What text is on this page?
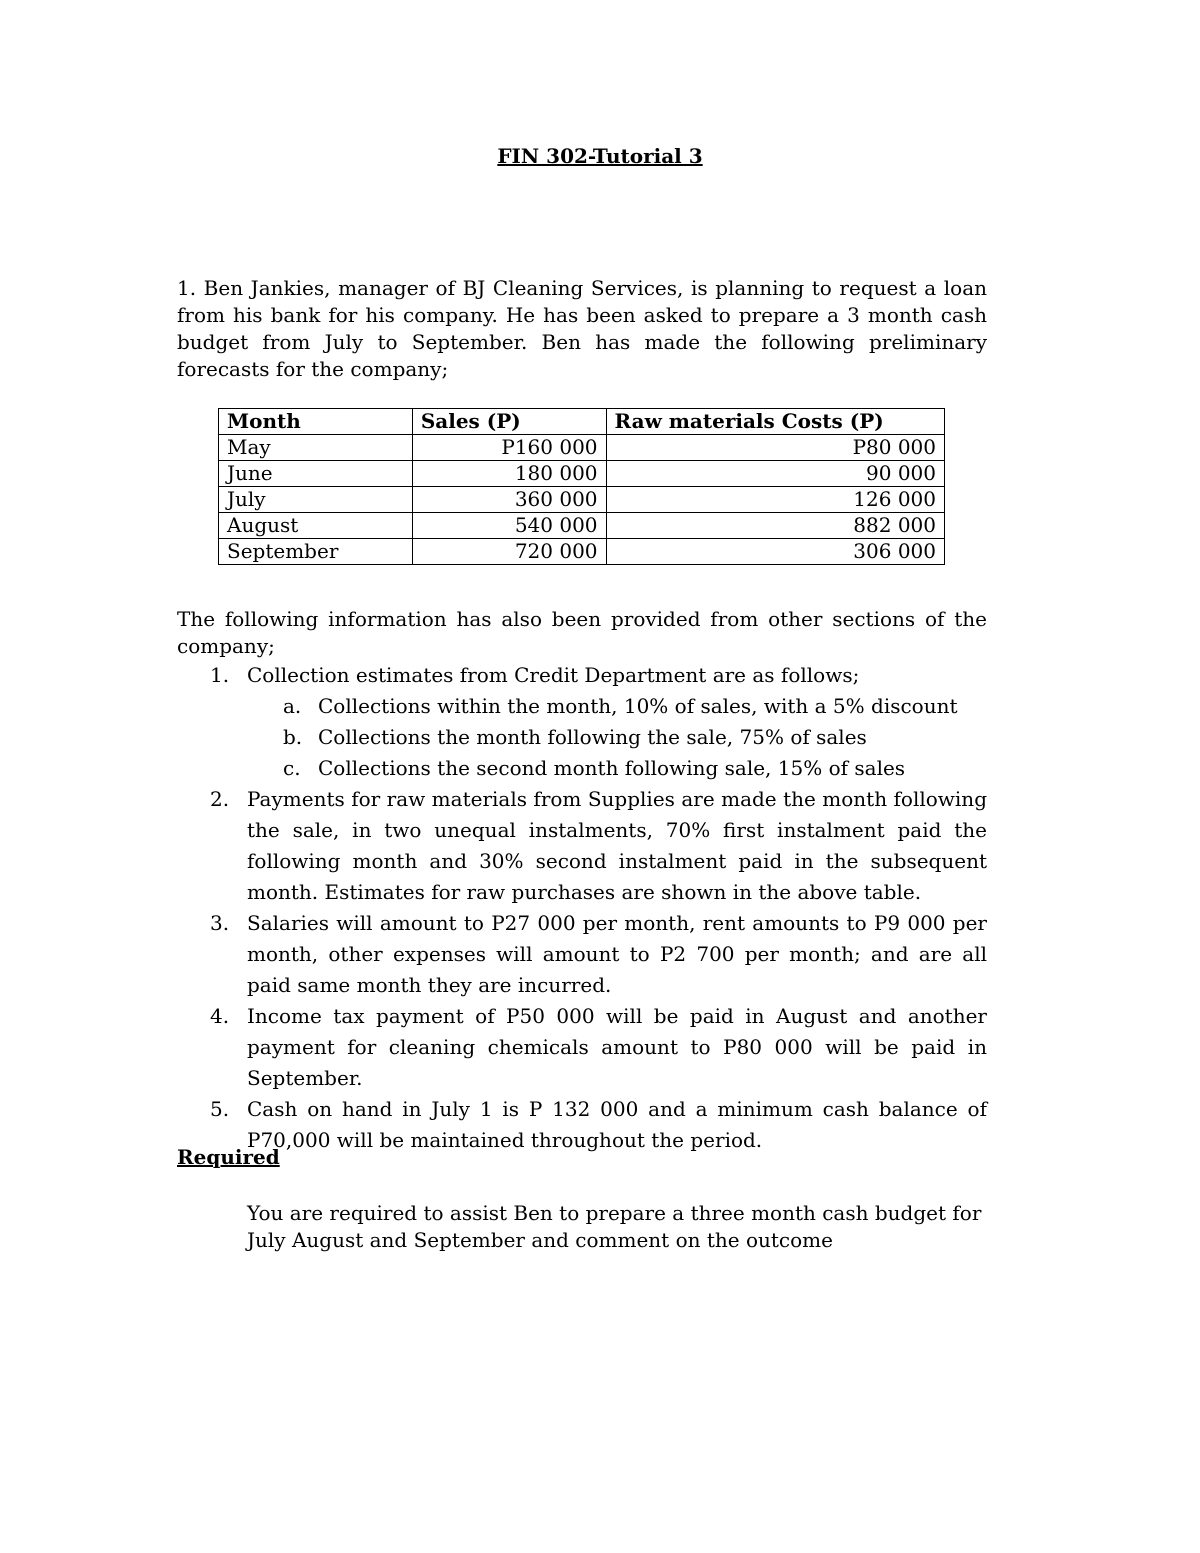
FIN 302-Tutorial 3

1. Ben Jankies, manager of BJ Cleaning Services, is planning to request a loan from his bank for his company. He has been asked to prepare a 3 month cash budget from July to September. Ben has made the following preliminary forecasts for the company;

Month	Sales (P)	Raw materials Costs (P)
May	P160 000	P80 000
June	180 000	90 000
July	360 000	126 000
August	540 000	882 000
September	720 000	306 000

The following information has also been provided from other sections of the company;

1. Collection estimates from Credit Department are as follows;
a. Collections within the month, 10% of sales, with a 5% discount
b. Collections the month following the sale, 75% of sales
c. Collections the second month following sale, 15% of sales
2. Payments for raw materials from Supplies are made the month following the sale, in two unequal instalments, 70% first instalment paid the following month and 30% second instalment paid in the subsequent month. Estimates for raw purchases are shown in the above table.
3. Salaries will amount to P27 000 per month, rent amounts to P9 000 per month, other expenses will amount to P2 700 per month; and are all paid same month they are incurred.
4. Income tax payment of P50 000 will be paid in August and another payment for cleaning chemicals amount to P80 000 will be paid in September.
5. Cash on hand in July 1 is P 132 000 and a minimum cash balance of P70,000 will be maintained throughout the period.
Required

You are required to assist Ben to prepare a three month cash budget for July August and September and comment on the outcome
